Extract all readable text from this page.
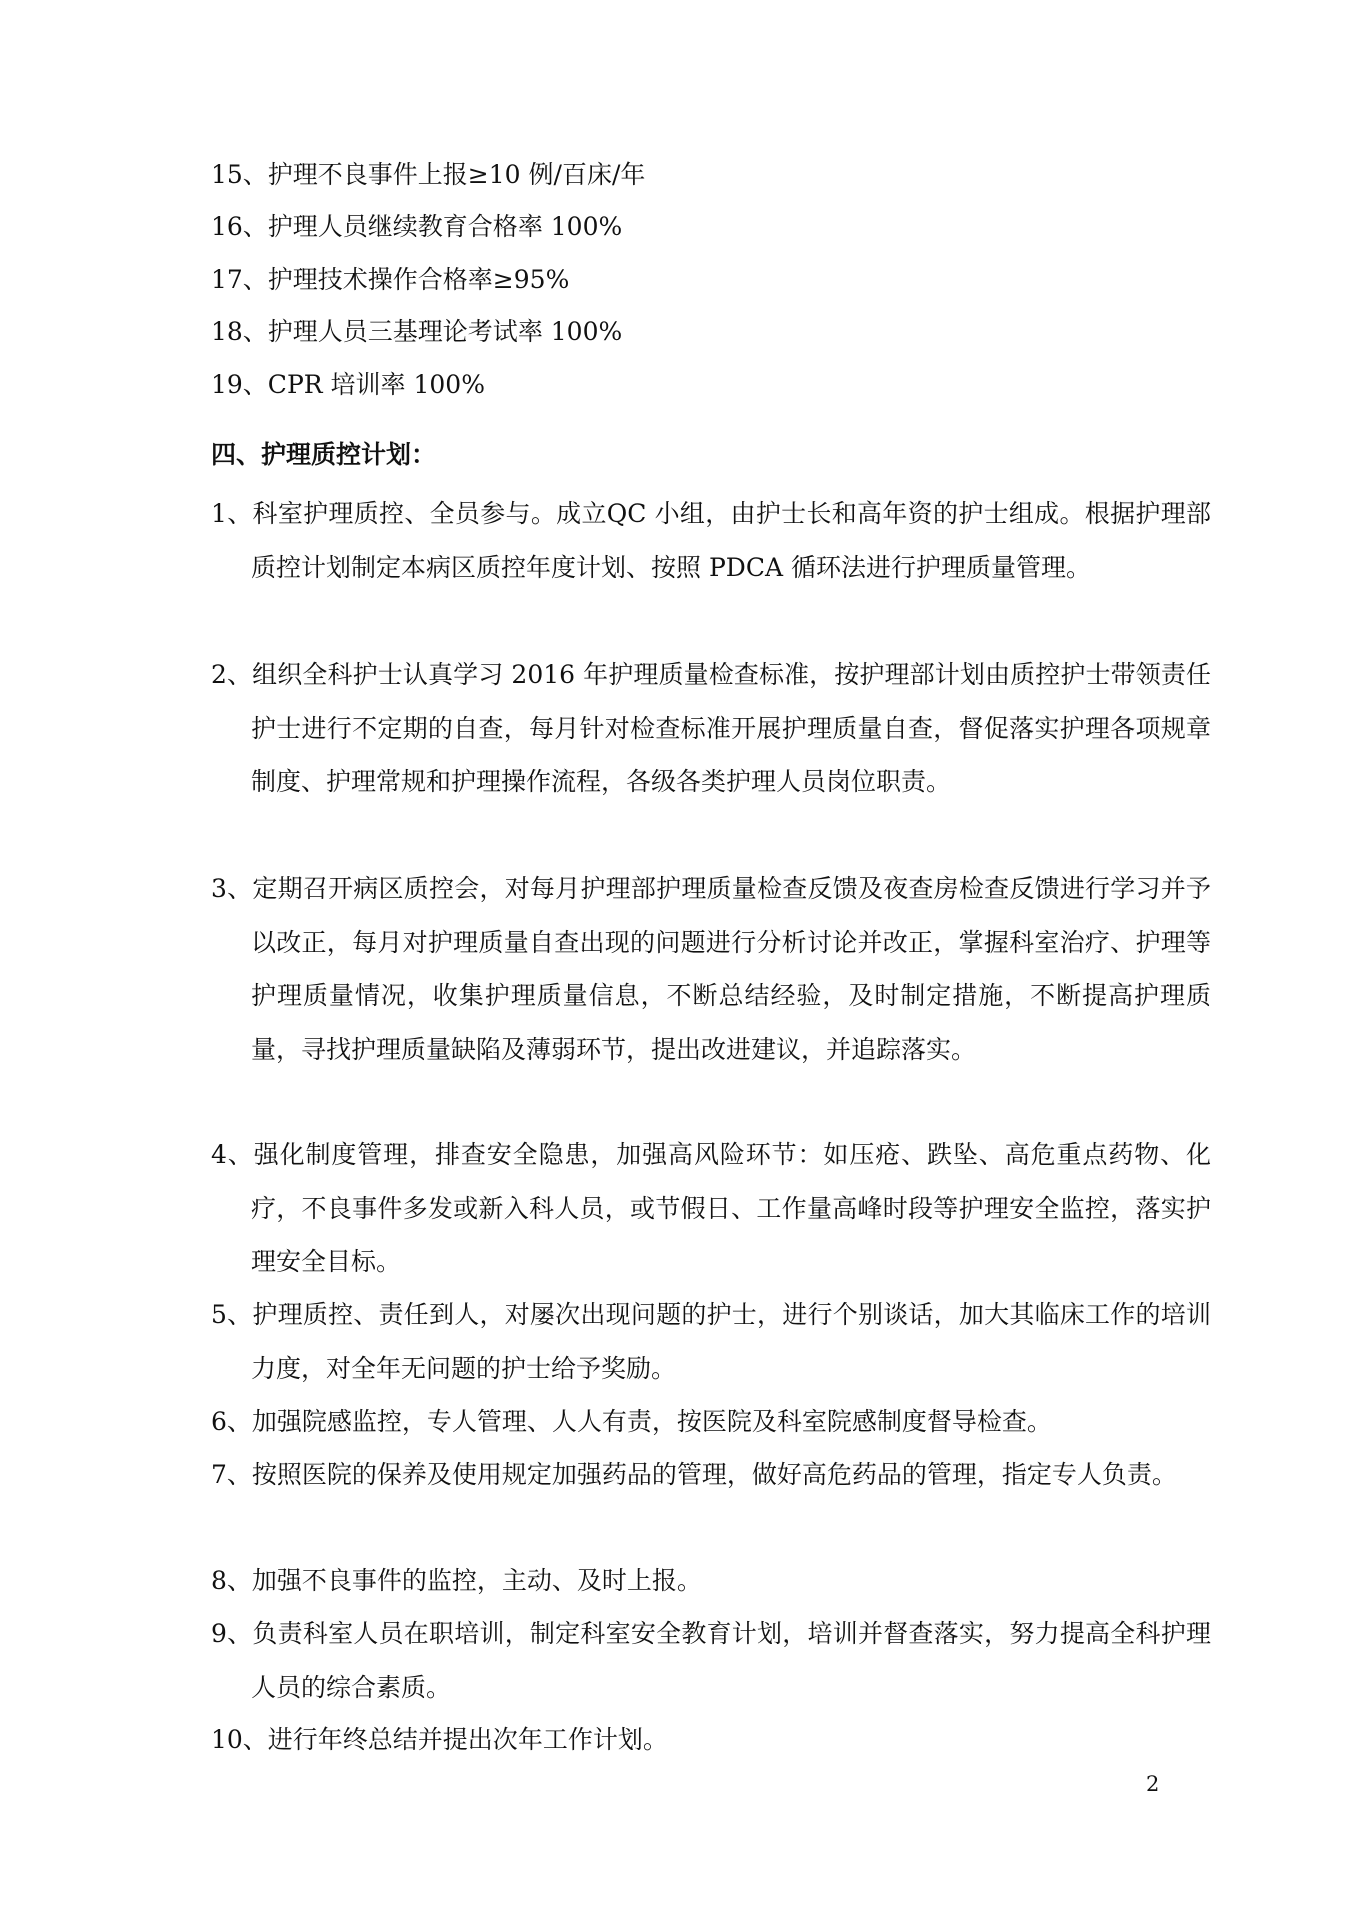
15、护理不良事件上报≥10 例/百床/年
16、护理人员继续教育合格率 100%
17、护理技术操作合格率≥95%
18、护理人员三基理论考试率 100%
19、CPR 培训率 100%
四、护理质控计划：
1、科室护理质控、全员参与。成立QC 小组，由护士长和高年资的护士组成。根据护理部质控计划制定本病区质控年度计划、按照 PDCA 循环法进行护理质量管理。
2、组织全科护士认真学习 2016 年护理质量检查标准，按护理部计划由质控护士带领责任护士进行不定期的自查，每月针对检查标准开展护理质量自查，督促落实护理各项规章制度、护理常规和护理操作流程，各级各类护理人员岗位职责。
3、定期召开病区质控会，对每月护理部护理质量检查反馈及夜查房检查反馈进行学习并予以改正，每月对护理质量自查出现的问题进行分析讨论并改正，掌握科室治疗、护理等护理质量情况，收集护理质量信息，不断总结经验，及时制定措施，不断提高护理质量，寻找护理质量缺陷及薄弱环节，提出改进建议，并追踪落实。
4、强化制度管理，排查安全隐患，加强高风险环节：如压疮、跌坠、高危重点药物、化疗，不良事件多发或新入科人员，或节假日、工作量高峰时段等护理安全监控，落实护理安全目标。
5、护理质控、责任到人，对屡次出现问题的护士，进行个别谈话，加大其临床工作的培训力度，对全年无问题的护士给予奖励。
6、加强院感监控，专人管理、人人有责，按医院及科室院感制度督导检查。
7、按照医院的保养及使用规定加强药品的管理，做好高危药品的管理，指定专人负责。
8、加强不良事件的监控，主动、及时上报。
9、负责科室人员在职培训，制定科室安全教育计划，培训并督查落实，努力提高全科护理人员的综合素质。
10、进行年终总结并提出次年工作计划。
2
